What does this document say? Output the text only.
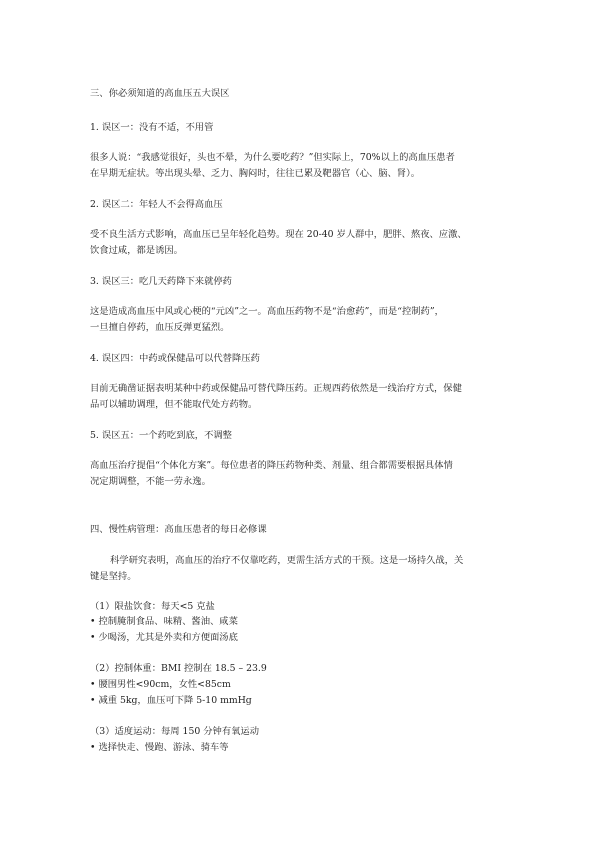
三、你必须知道的高血压五大误区
1. 误区一：没有不适，不用管
很多人说：“我感觉很好，头也不晕，为什么要吃药？”但实际上，70%以上的高血压患者
在早期无症状。等出现头晕、乏力、胸闷时，往往已累及靶器官（心、脑、肾）。
2. 误区二：年轻人不会得高血压
受不良生活方式影响，高血压已呈年轻化趋势。现在 20-40 岁人群中，肥胖、熬夜、应激、
饮食过咸，都是诱因。
3. 误区三：吃几天药降下来就停药
这是造成高血压中风或心梗的“元凶”之一。高血压药物不是“治愈药”，而是“控制药”，
一旦擅自停药，血压反弹更猛烈。
4. 误区四：中药或保健品可以代替降压药
目前无确凿证据表明某种中药或保健品可替代降压药。正规西药依然是一线治疗方式，保健
品可以辅助调理，但不能取代处方药物。
5. 误区五：一个药吃到底，不调整
高血压治疗提倡“个体化方案”。每位患者的降压药物种类、剂量、组合都需要根据具体情
况定期调整，不能一劳永逸。
四、慢性病管理：高血压患者的每日必修课
科学研究表明，高血压的治疗不仅靠吃药，更需生活方式的干预。这是一场持久战，关
键是坚持。
（1）限盐饮食：每天<5 克盐
• 控制腌制食品、味精、酱油、咸菜
• 少喝汤，尤其是外卖和方便面汤底
（2）控制体重：BMI 控制在 18.5 – 23.9
• 腰围男性<90cm，女性<85cm
• 减重 5kg，血压可下降 5-10 mmHg
（3）适度运动：每周 150 分钟有氧运动
• 选择快走、慢跑、游泳、骑车等
